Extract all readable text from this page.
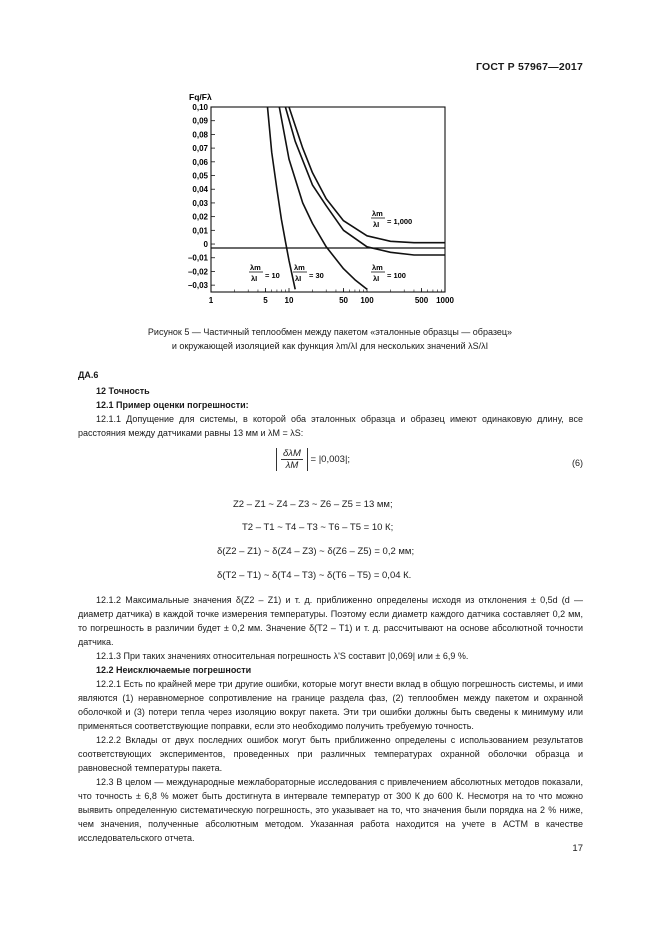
ГОСТ Р 57967—2017
Fq/Fλ
0,10
0,09
0,08
0,07
0,06
0,05
0,04
0,03
0,02
0,01
0
–0,01
–0,02
–0,03
1	5 10	50 100	500 1000
λm
λI = 1,000
λm
λI = 10
λm
λI = 30
λm
λI = 100
Рисунок 5 — Частичный теплообмен между пакетом «эталонные образцы — образец»
и окружающей изоляцией как функция λm/λI для нескольких значений λS/λI
ДА.6
12 Точность
12.1 Пример оценки погрешности:
12.1.1 Допущение для системы, в которой оба эталонных образца и образец имеют одинаковую длину, все расстояния между датчиками равны 13 мм и λM = λS:
$\frac{\text{δλM}}{\lambda M} = |0,003|$;	(6)
Z2 – Z1 ~ Z4 – Z3 ~ Z6 – Z5 = 13 мм;
T2 – T1 ~ T4 – T3 ~ T6 – T5 = 10 К;
δ(Z2 – Z1) ~ δ(Z4 – Z3) ~ δ(Z6 – Z5) = 0,2 мм;
δ(T2 – T1) ~ δ(T4 – T3) ~ δ(T6 – T5) = 0,04 К.
12.1.2 Максимальные значения δ(Z2 – Z1) и т. д. приближенно определены исходя из отклонения ± 0,5d (d — диаметр датчика) в каждой точке измерения температуры. Поэтому если диаметр каждого датчика составляет 0,2 мм, то погрешность в различии будет ± 0,2 мм. Значение δ(T2 – T1) и т. д. рассчитывают на основе абсолютной точности датчика.
12.1.3 При таких значениях относительная погрешность λ'S составит |0,069| или ± 6,9 %.
12.2 Неисключаемые погрешности
12.2.1 Есть по крайней мере три другие ошибки, которые могут внести вклад в общую погрешность системы, и ими являются (1) неравномерное сопротивление на границе раздела фаз, (2) теплообмен между пакетом и охранной оболочкой и (3) потери тепла через изоляцию вокруг пакета. Эти три ошибки должны быть сведены к минимуму или применяться соответствующие поправки, если это необходимо получить требуемую точность.
12.2.2 Вклады от двух последних ошибок могут быть приближенно определены с использованием результатов соответствующих экспериментов, проведенных при различных температурах охранной оболочки образца и равновесной температуры пакета.
12.3 В целом — международные межлабораторные исследования с привлечением абсолютных методов показали, что точность ± 6,8 % может быть достигнута в интервале температур от 300 К до 600 К. Несмотря на то что можно выявить определенную систематическую погрешность, это указывает на то, что значения были порядка на 2 % ниже, чем значения, полученные абсолютным методом. Указанная работа находится на учете в АСТМ в качестве исследовательского отчета.
17
